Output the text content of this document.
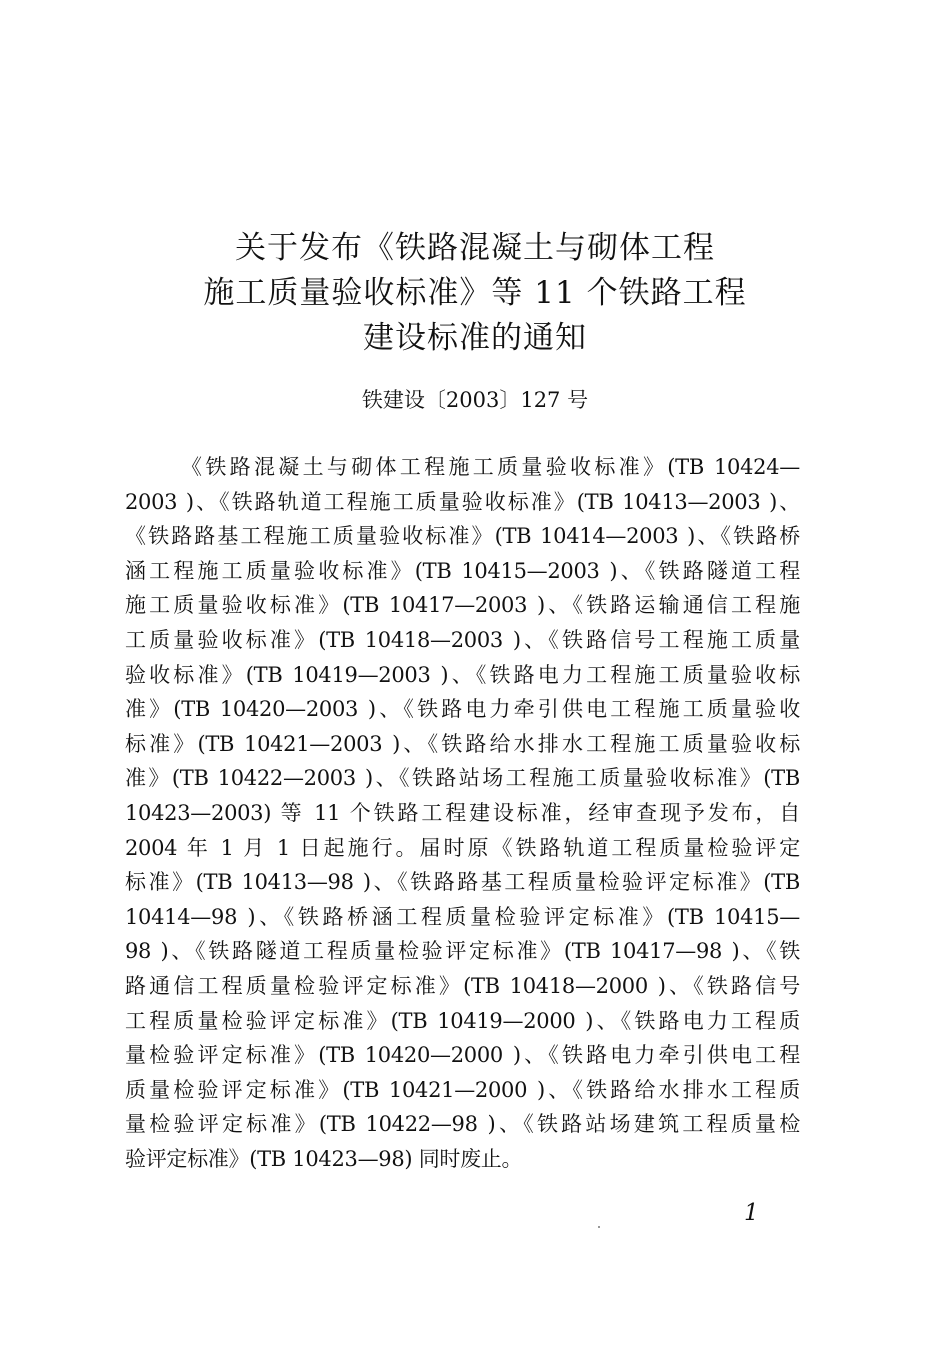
关于发布《铁路混凝土与砌体工程
施工质量验收标准》等 11 个铁路工程
建设标准的通知
铁建设〔2003〕127 号
《铁路混凝土与砌体工程施工质量验收标准》(TB 10424—
2003 )、《铁路轨道工程施工质量验收标准》(TB 10413—2003 )、
《铁路路基工程施工质量验收标准》(TB 10414—2003 )、《铁路桥
涵工程施工质量验收标准》(TB 10415—2003 )、《铁路隧道工程
施工质量验收标准》(TB 10417—2003 )、《铁路运输通信工程施
工质量验收标准》(TB 10418—2003 )、《铁路信号工程施工质量
验收标准》(TB 10419—2003 )、《铁路电力工程施工质量验收标
准》(TB 10420—2003 )、《铁路电力牵引供电工程施工质量验收
标准》(TB 10421—2003 )、《铁路给水排水工程施工质量验收标
准》(TB 10422—2003 )、《铁路站场工程施工质量验收标准》(TB
10423—2003) 等 11 个铁路工程建设标准，经审查现予发布，自
2004 年 1 月 1 日起施行。届时原《铁路轨道工程质量检验评定
标准》(TB 10413—98 )、《铁路路基工程质量检验评定标准》(TB
10414—98 )、《铁路桥涵工程质量检验评定标准》(TB 10415—
98 )、《铁路隧道工程质量检验评定标准》(TB 10417—98 )、《铁
路通信工程质量检验评定标准》(TB 10418—2000 )、《铁路信号
工程质量检验评定标准》(TB 10419—2000 )、《铁路电力工程质
量检验评定标准》(TB 10420—2000 )、《铁路电力牵引供电工程
质量检验评定标准》(TB 10421—2000 )、《铁路给水排水工程质
量检验评定标准》(TB 10422—98 )、《铁路站场建筑工程质量检
验评定标准》(TB 10423—98) 同时废止。
1
